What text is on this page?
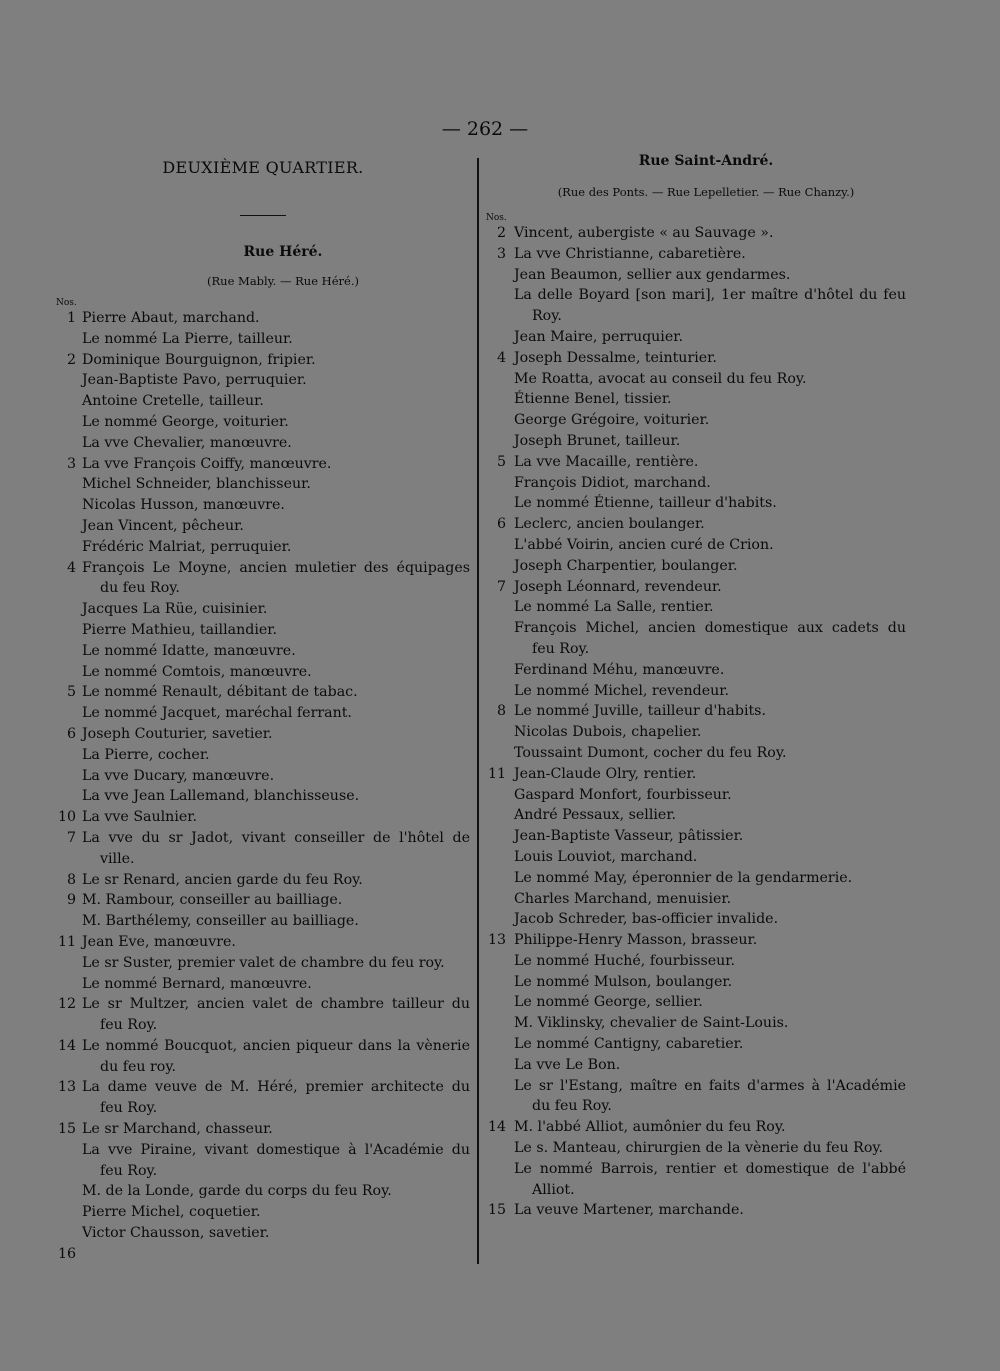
— 262 —
DEUXIÈME QUARTIER.
Rue Héré.
(Rue Mably. — Rue Héré.)
Nos.
1 Pierre Abaut, marchand.
Le nommé La Pierre, tailleur.
2 Dominique Bourguignon, fripier.
Jean-Baptiste Pavo, perruquier.
Antoine Cretelle, tailleur.
Le nommé George, voiturier.
La vve Chevalier, manœuvre.
3 La vve François Coiffy, manœuvre.
Michel Schneider, blanchisseur.
Nicolas Husson, manœuvre.
Jean Vincent, pêcheur.
Frédéric Malriat, perruquier.
4 François Le Moyne, ancien muletier des équipages du feu Roy.
Jacques La Rüe, cuisinier.
Pierre Mathieu, taillandier.
Le nommé Idatte, manœuvre.
Le nommé Comtois, manœuvre.
5 Le nommé Renault, débitant de tabac.
Le nommé Jacquet, maréchal ferrant.
6 Joseph Couturier, savetier.
La Pierre, cocher.
La vve Ducary, manœuvre.
La vve Jean Lallemand, blanchisseuse.
10 La vve Saulnier.
7 La vve du sr Jadot, vivant conseiller de l'hôtel de ville.
8 Le sr Renard, ancien garde du feu Roy.
9 M. Rambour, conseiller au bailliage.
M. Barthélemy, conseiller au bailliage.
11 Jean Eve, manœuvre.
Le sr Suster, premier valet de chambre du feu roy.
Le nommé Bernard, manœuvre.
12 Le sr Multzer, ancien valet de chambre tailleur du feu Roy.
14 Le nommé Boucquot, ancien piqueur dans la vènerie du feu roy.
13 La dame veuve de M. Héré, premier architecte du feu Roy.
15 Le sr Marchand, chasseur.
La vve Piraine, vivant domestique à l'Académie du feu Roy.
M. de la Londe, garde du corps du feu Roy.
Pierre Michel, coquetier.
Victor Chausson, savetier.
16
Rue Saint-André.
(Rue des Ponts. — Rue Lepelletier. — Rue Chanzy.)
Nos.
2 Vincent, aubergiste « au Sauvage ».
3 La vve Christianne, cabaretière.
Jean Beaumon, sellier aux gendarmes.
La delle Boyard [son mari], 1er maître d'hôtel du feu Roy.
Jean Maire, perruquier.
4 Joseph Dessalme, teinturier.
Me Roatta, avocat au conseil du feu Roy.
Étienne Benel, tissier.
George Grégoire, voiturier.
Joseph Brunet, tailleur.
5 La vve Macaille, rentière.
François Didiot, marchand.
Le nommé Étienne, tailleur d'habits.
6 Leclerc, ancien boulanger.
L'abbé Voirin, ancien curé de Crion.
Joseph Charpentier, boulanger.
7 Joseph Léonnard, revendeur.
Le nommé La Salle, rentier.
François Michel, ancien domestique aux cadets du feu Roy.
Ferdinand Méhu, manœuvre.
Le nommé Michel, revendeur.
8 Le nommé Juville, tailleur d'habits.
Nicolas Dubois, chapelier.
Toussaint Dumont, cocher du feu Roy.
11 Jean-Claude Olry, rentier.
Gaspard Monfort, fourbisseur.
André Pessaux, sellier.
Jean-Baptiste Vasseur, pâtissier.
Louis Louviot, marchand.
Le nommé May, éperonnier de la gendarmerie.
Charles Marchand, menuisier.
Jacob Schreder, bas-officier invalide.
13 Philippe-Henry Masson, brasseur.
Le nommé Huché, fourbisseur.
Le nommé Mulson, boulanger.
Le nommé George, sellier.
M. Viklinsky, chevalier de Saint-Louis.
Le nommé Cantigny, cabaretier.
La vve Le Bon.
Le sr l'Estang, maître en faits d'armes à l'Académie du feu Roy.
14 M. l'abbé Alliot, aumônier du feu Roy.
Le s. Manteau, chirurgien de la vènerie du feu Roy.
Le nommé Barrois, rentier et domestique de l'abbé Alliot.
15 La veuve Martener, marchande.
